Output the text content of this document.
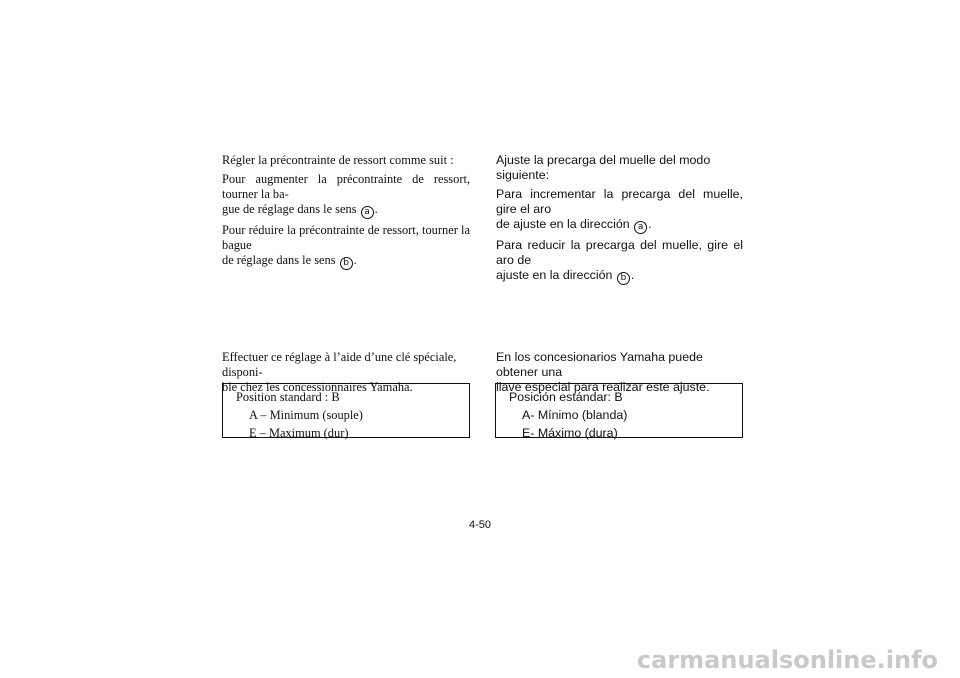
Régler la précontrainte de ressort comme suit :

Pour augmenter la précontrainte de ressort, tourner la ba-
gue de réglage dans le sens a .

Pour réduire la précontrainte de ressort, tourner la bague
de réglage dans le sens b .

Effectuer ce réglage à l’aide d’une clé spéciale, disponi-
ble chez les concessionnaires Yamaha.
Position standard : B
A – Minimum (souple)
E – Maximum (dur)

Ajuste la precarga del muelle del modo siguiente:

Para incrementar la precarga del muelle, gire el aro
de ajuste en la dirección a .

Para reducir la precarga del muelle, gire el aro de
ajuste en la dirección b .

En los concesionarios Yamaha puede obtener una
llave especial para realizar este ajuste.
Posición estándar: B
A- Mínimo (blanda)
E- Máximo (dura)
4-50
carmanualsonline.info
